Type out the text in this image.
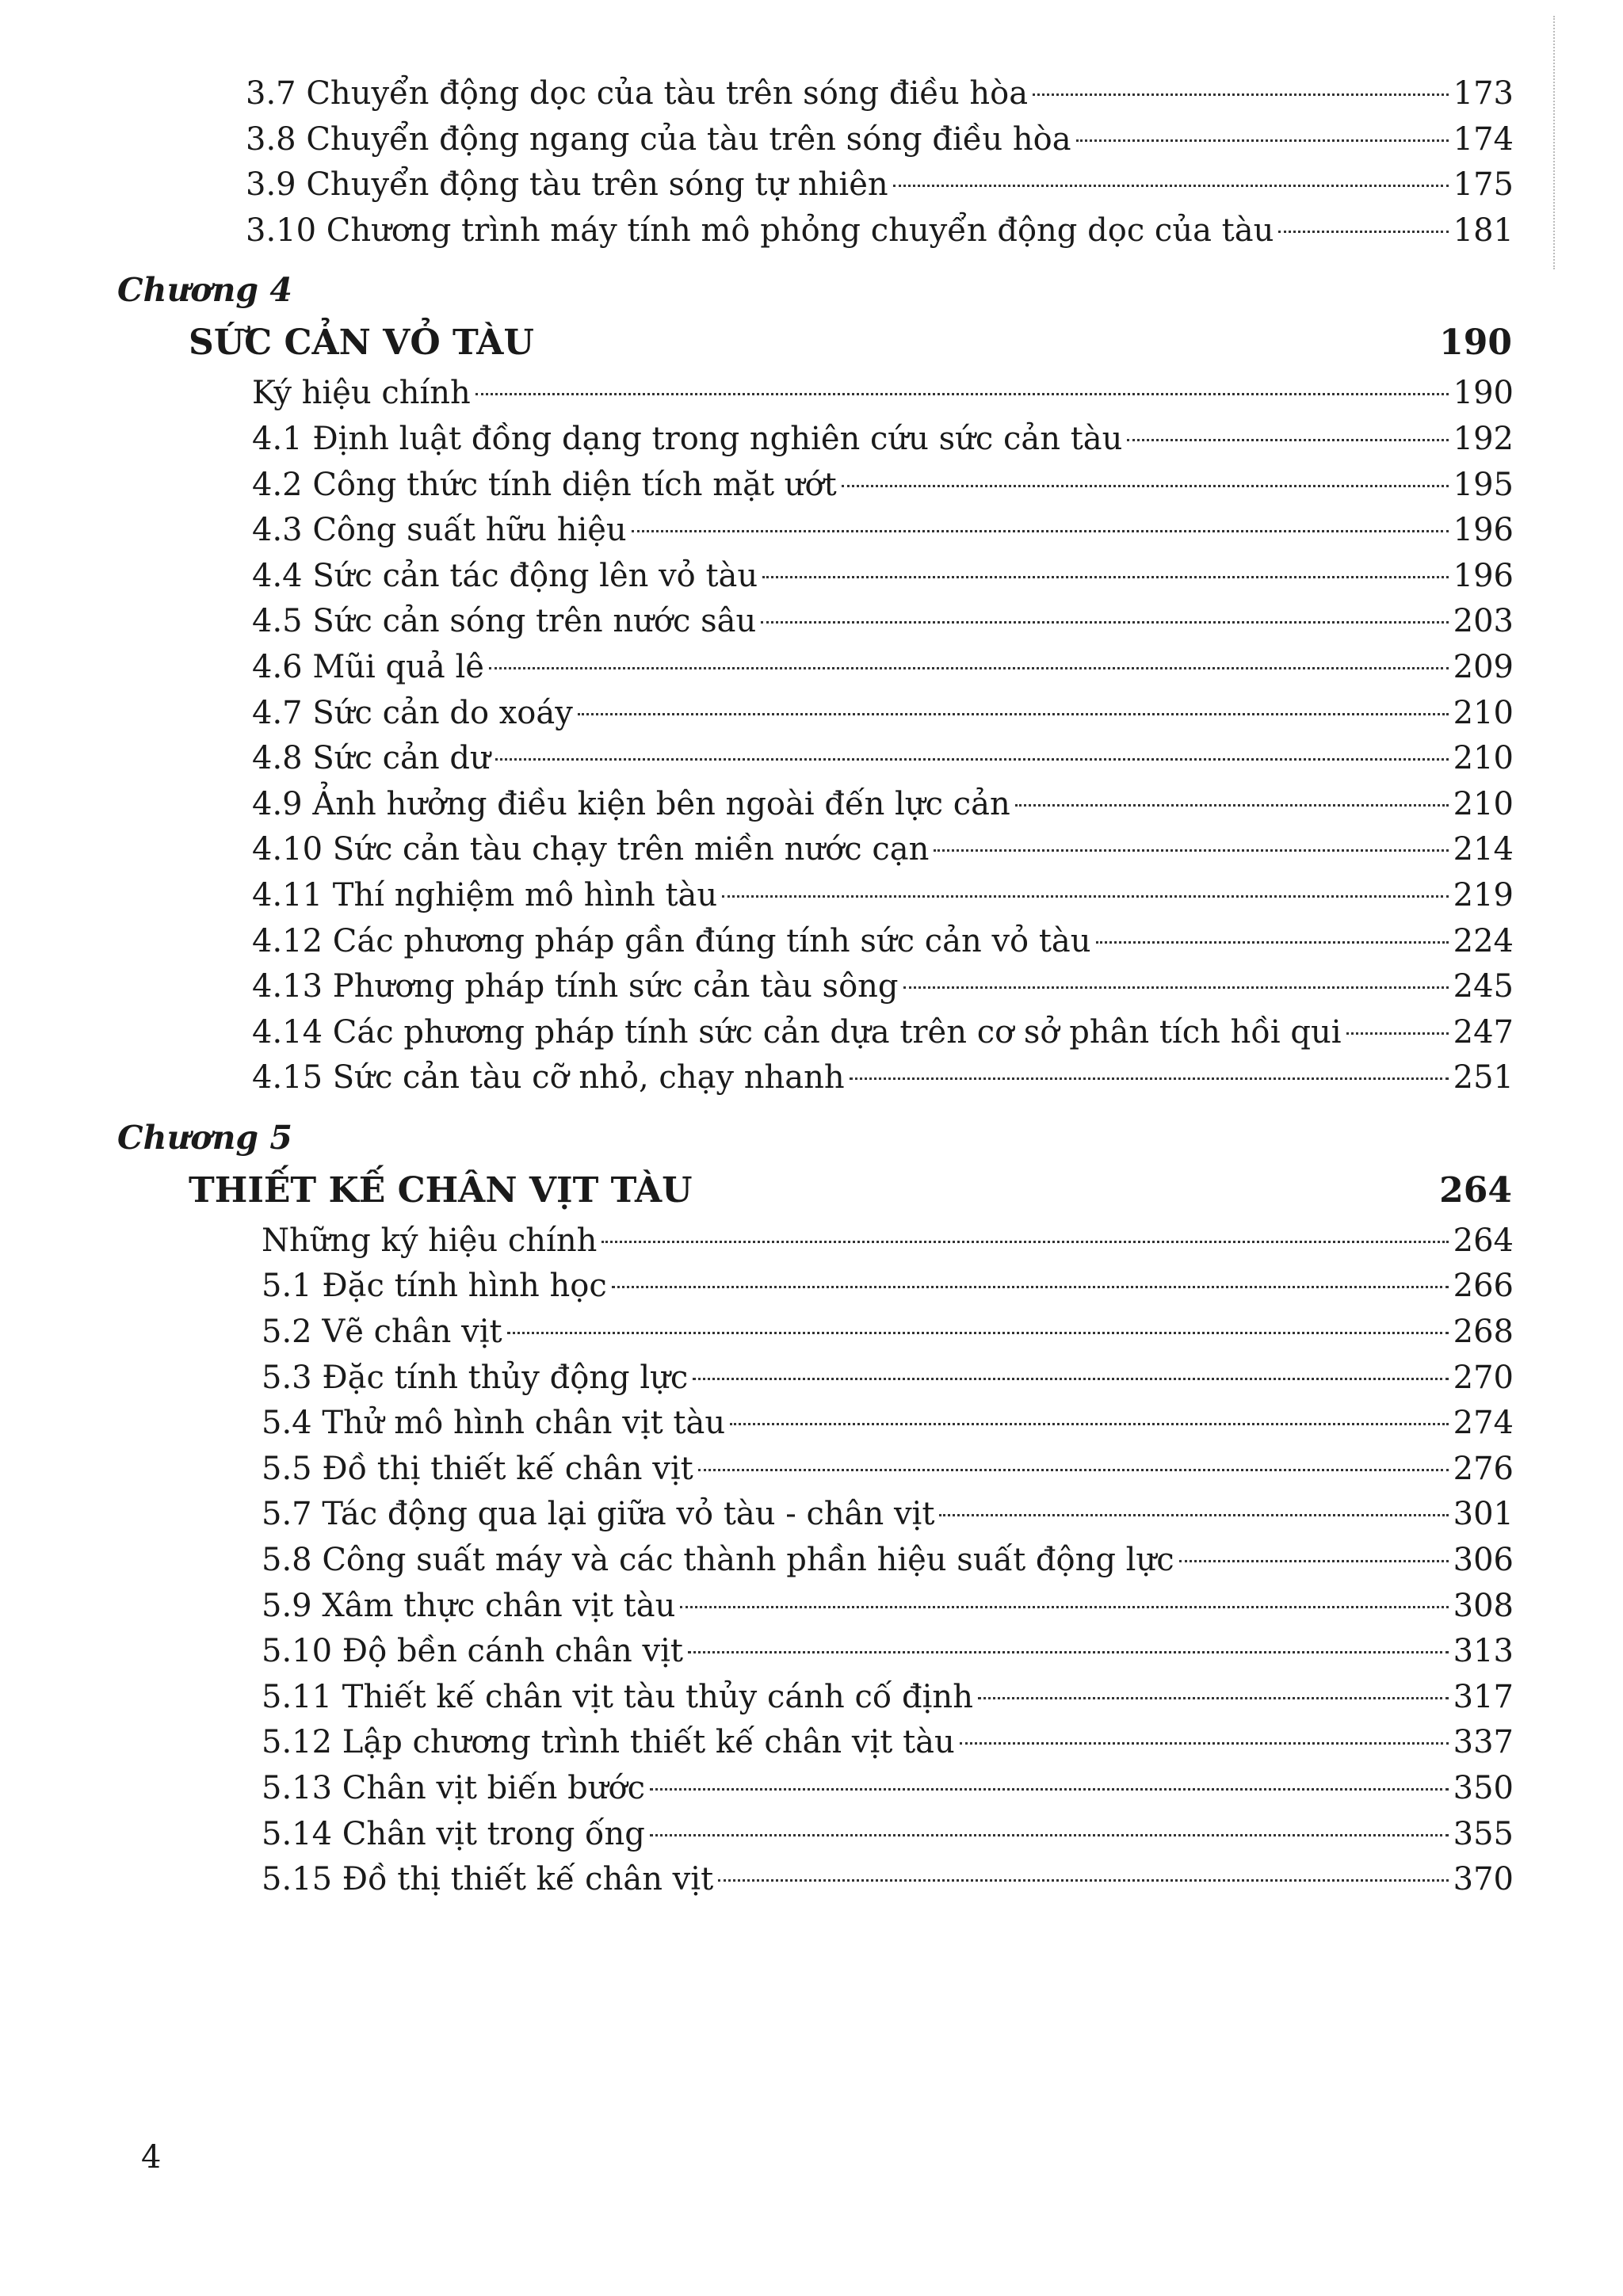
3.7 Chuyển động dọc của tàu trên sóng điều hòa	173
3.8 Chuyển động ngang của tàu trên sóng điều hòa	174
3.9 Chuyển động tàu trên sóng tự nhiên	175
3.10 Chương trình máy tính mô phỏng chuyển động dọc của tàu	181
Chương 4
SỨC CẢN VỎ TÀU	190
Ký hiệu chính	190
4.1 Định luật đồng dạng trong nghiên cứu sức cản tàu	192
4.2 Công thức tính diện tích mặt ướt	195
4.3 Công suất hữu hiệu	196
4.4 Sức cản tác động lên vỏ tàu	196
4.5 Sức cản sóng trên nước sâu	203
4.6 Mũi quả lê	209
4.7 Sức cản do xoáy	210
4.8 Sức cản dư	210
4.9 Ảnh hưởng điều kiện bên ngoài đến lực cản	210
4.10 Sức cản tàu chạy trên miền nước cạn	214
4.11 Thí nghiệm mô hình tàu	219
4.12 Các phương pháp gần đúng tính sức cản vỏ tàu	224
4.13 Phương pháp tính sức cản tàu sông	245
4.14 Các phương pháp tính sức cản dựa trên cơ sở phân tích hồi qui	247
4.15 Sức cản tàu cỡ nhỏ, chạy nhanh	251
Chương 5
THIẾT KẾ CHÂN VỊT TÀU	264
Những ký hiệu chính	264
5.1 Đặc tính hình học	266
5.2 Vẽ chân vịt	268
5.3 Đặc tính thủy động lực	270
5.4 Thử mô hình chân vịt tàu	274
5.5 Đồ thị thiết kế chân vịt	276
5.7 Tác động qua lại giữa vỏ tàu - chân vịt	301
5.8 Công suất máy và các thành phần hiệu suất động lực	306
5.9 Xâm thực chân vịt tàu	308
5.10 Độ bền cánh chân vịt	313
5.11 Thiết kế chân vịt tàu thủy cánh cố định	317
5.12 Lập chương trình thiết kế chân vịt tàu	337
5.13 Chân vịt biến bước	350
5.14 Chân vịt trong ống	355
5.15 Đồ thị thiết kế chân vịt	370
4
